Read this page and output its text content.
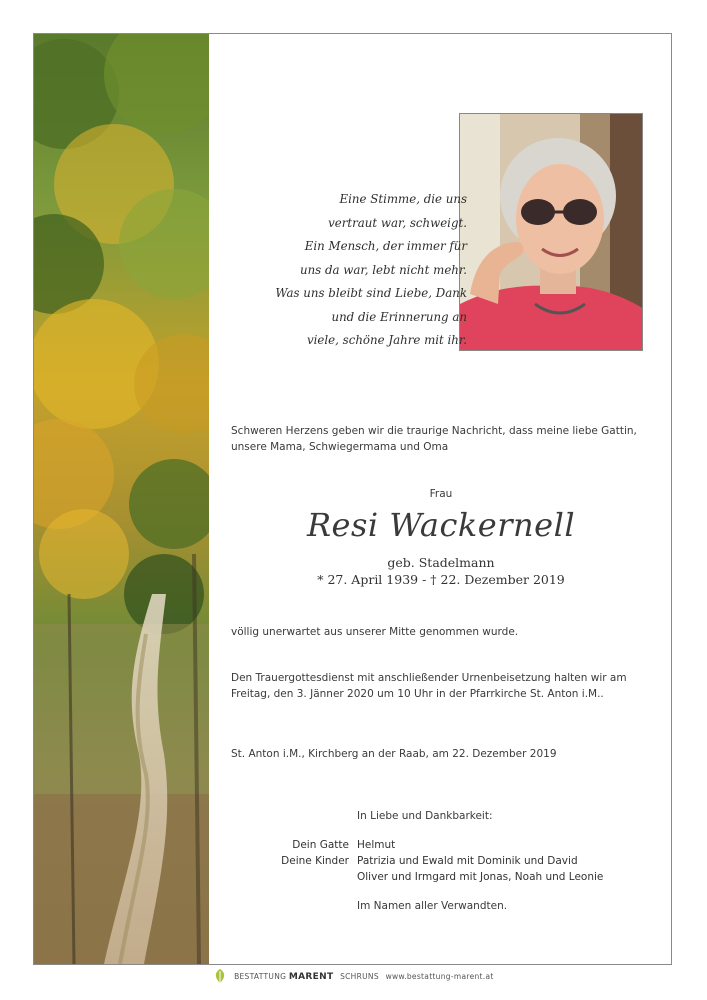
Eine Stimme, die uns
vertraut war, schweigt.
Ein Mensch, der immer für
uns da war, lebt nicht mehr.
Was uns bleibt sind Liebe, Dank
und die Erinnerung an
viele, schöne Jahre mit ihr.
Schweren Herzens geben wir die traurige Nachricht, dass meine liebe Gattin,
unsere Mama, Schwiegermama und Oma
Frau
Resi Wackernell
geb. Stadelmann
* 27. April 1939 - † 22. Dezember 2019
völlig unerwartet aus unserer Mitte genommen wurde.
Den Trauergottesdienst mit anschließender Urnenbeisetzung halten wir am
Freitag, den 3. Jänner 2020 um 10 Uhr in der Pfarrkirche St. Anton i.M..
St. Anton i.M., Kirchberg an der Raab, am 22. Dezember 2019
In Liebe und Dankbarkeit:
Dein Gatte Helmut
Deine Kinder Patrizia und Ewald mit Dominik und David
Oliver und Irmgard mit Jonas, Noah und Leonie
Im Namen aller Verwandten.
BESTATTUNG MARENT SCHRUNS www.bestattung-marent.at
